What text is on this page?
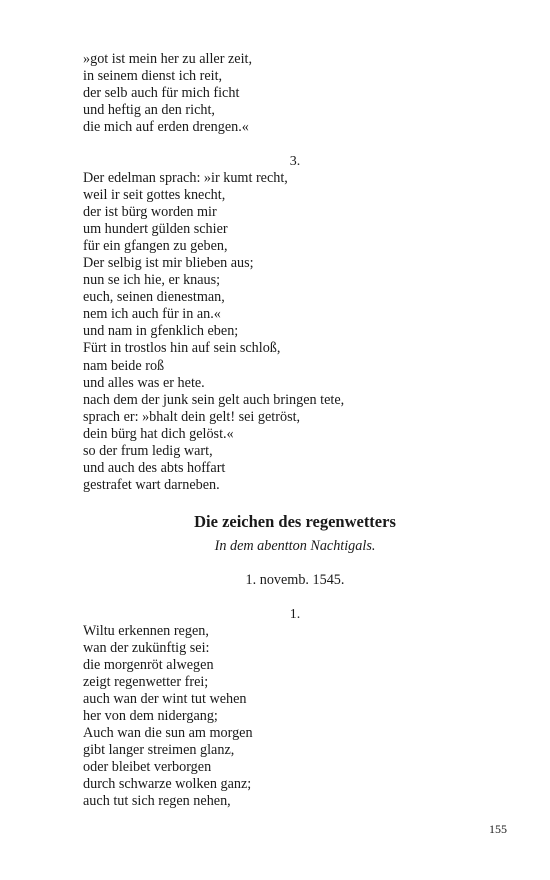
»got ist mein her zu aller zeit,
in seinem dienst ich reit,
der selb auch für mich ficht
und heftig an den richt,
die mich auf erden drengen.«
3.
Der edelman sprach: »ir kumt recht,
weil ir seit gottes knecht,
der ist bürg worden mir
um hundert gülden schier
für ein gfangen zu geben,
Der selbig ist mir blieben aus;
nun se ich hie, er knaus;
euch, seinen dienestman,
nem ich auch für in an.«
und nam in gfenklich eben;
Fürt in trostlos hin auf sein schloß,
nam beide roß
und alles was er hete.
nach dem der junk sein gelt auch bringen tete,
sprach er: »bhalt dein gelt! sei getröst,
dein bürg hat dich gelöst.«
so der frum ledig wart,
und auch des abts hoffart
gestrafet wart darneben.
Die zeichen des regenwetters
In dem abentton Nachtigals.
1. novemb. 1545.
1.
Wiltu erkennen regen,
wan der zukünftig sei:
die morgenröt alwegen
zeigt regenwetter frei;
auch wan der wint tut wehen
her von dem nidergang;
Auch wan die sun am morgen
gibt langer streimen glanz,
oder bleibet verborgen
durch schwarze wolken ganz;
auch tut sich regen nehen,
155
